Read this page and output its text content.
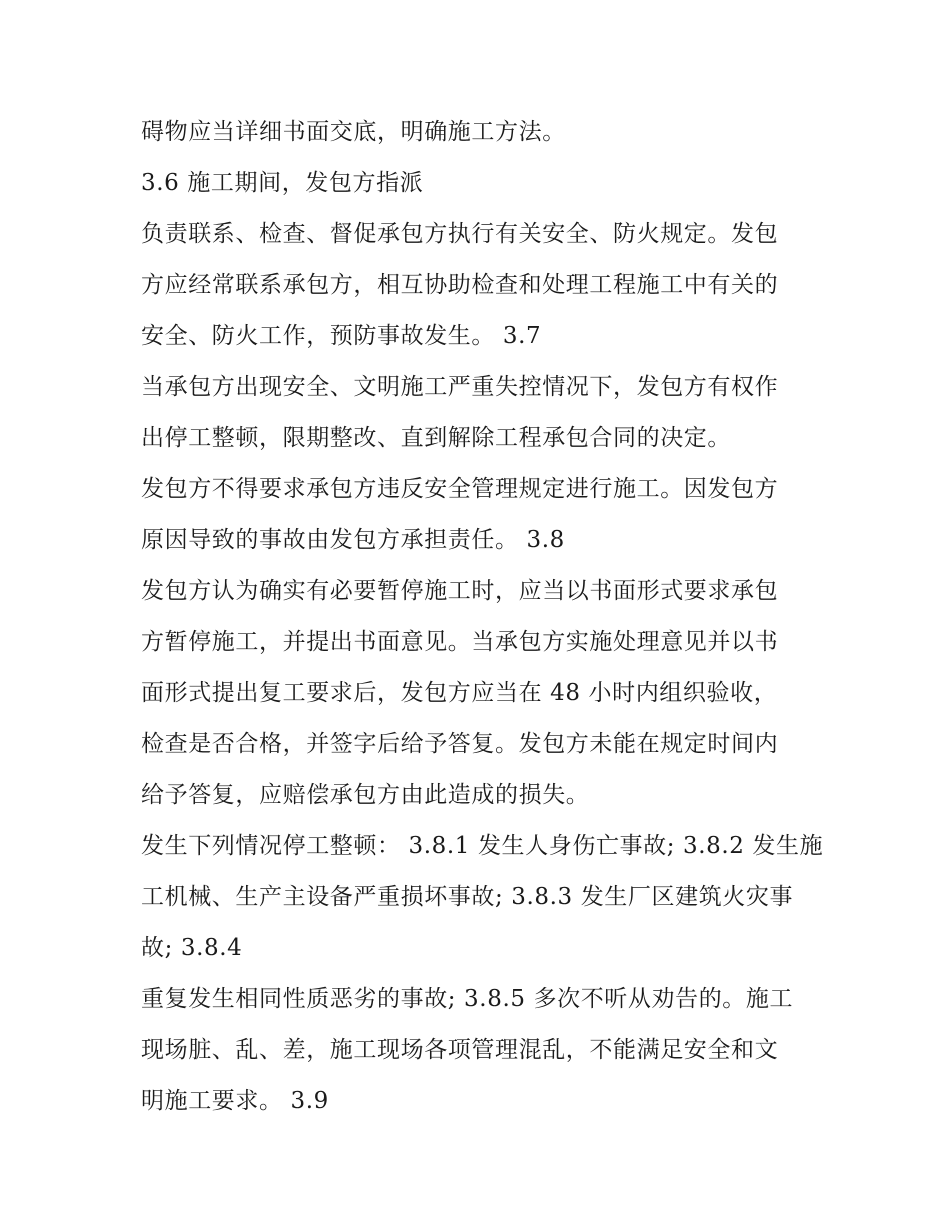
碍物应当详细书面交底，明确施工方法。
3.6 施工期间，发包方指派
负责联系、检查、督促承包方执行有关安全、防火规定。发包
方应经常联系承包方，相互协助检查和处理工程施工中有关的
安全、防火工作，预防事故发生。 3.7
当承包方出现安全、文明施工严重失控情况下，发包方有权作
出停工整顿，限期整改、直到解除工程承包合同的决定。
发包方不得要求承包方违反安全管理规定进行施工。因发包方
原因导致的事故由发包方承担责任。 3.8
发包方认为确实有必要暂停施工时，应当以书面形式要求承包
方暂停施工，并提出书面意见。当承包方实施处理意见并以书
面形式提出复工要求后，发包方应当在 48 小时内组织验收，
检查是否合格，并签字后给予答复。发包方未能在规定时间内
给予答复，应赔偿承包方由此造成的损失。
发生下列情况停工整顿： 3.8.1 发生人身伤亡事故; 3.8.2 发生施
工机械、生产主设备严重损坏事故; 3.8.3 发生厂区建筑火灾事
故; 3.8.4
重复发生相同性质恶劣的事故; 3.8.5 多次不听从劝告的。施工
现场脏、乱、差，施工现场各项管理混乱，不能满足安全和文
明施工要求。 3.9
